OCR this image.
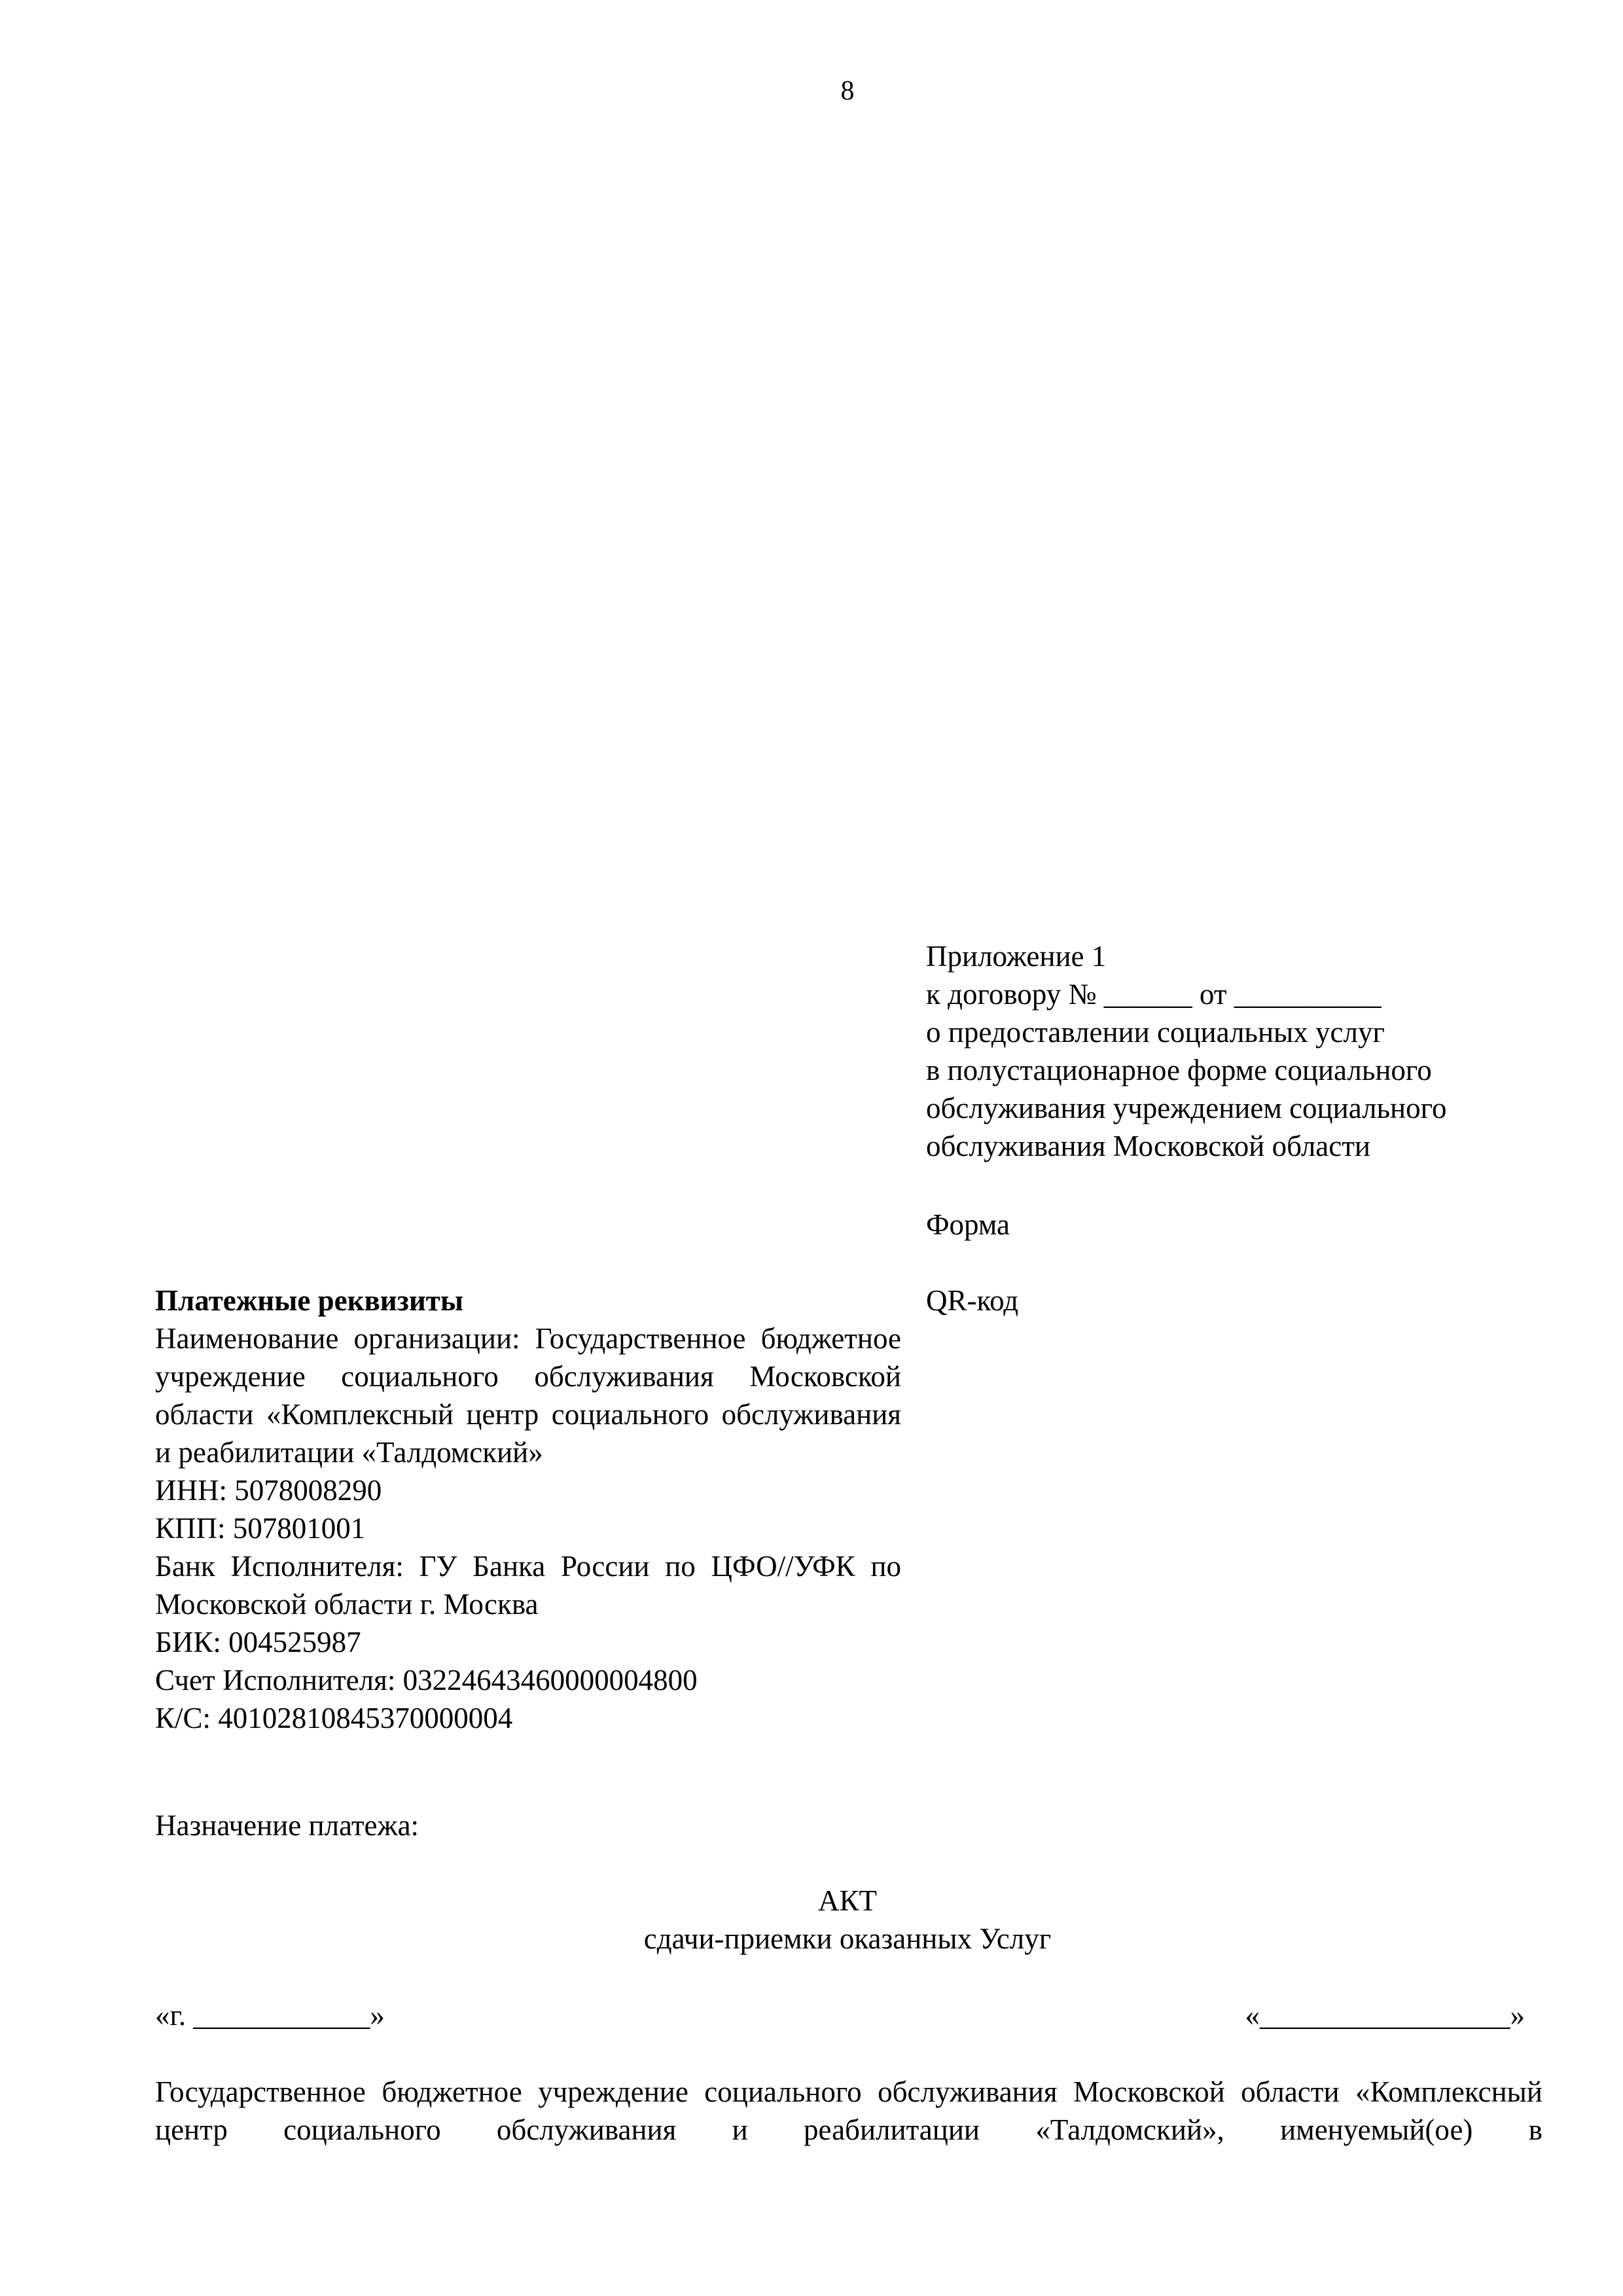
8
Приложение 1
к договору № ______ от __________
о предоставлении социальных услуг
в полустационарное форме социального
обслуживания учреждением социального
обслуживания Московской области
Форма
QR-код
Платежные реквизиты
Наименование организации: Государственное бюджетное учреждение социального обслуживания Московской области «Комплексный центр социального обслуживания и реабилитации «Талдомский»
ИНН: 5078008290
КПП: 507801001
Банк Исполнителя: ГУ Банка России по ЦФО//УФК по Московской области г. Москва
БИК: 004525987
Счет Исполнителя: 03224643460000004800
К/С: 40102810845370000004
Назначение платежа:
АКТ
сдачи-приемки оказанных Услуг
«г. ____________»	«_________________»
Государственное бюджетное учреждение социального обслуживания Московской области «Комплексный центр социального обслуживания и реабилитации «Талдомский», именуемый(ое) в
